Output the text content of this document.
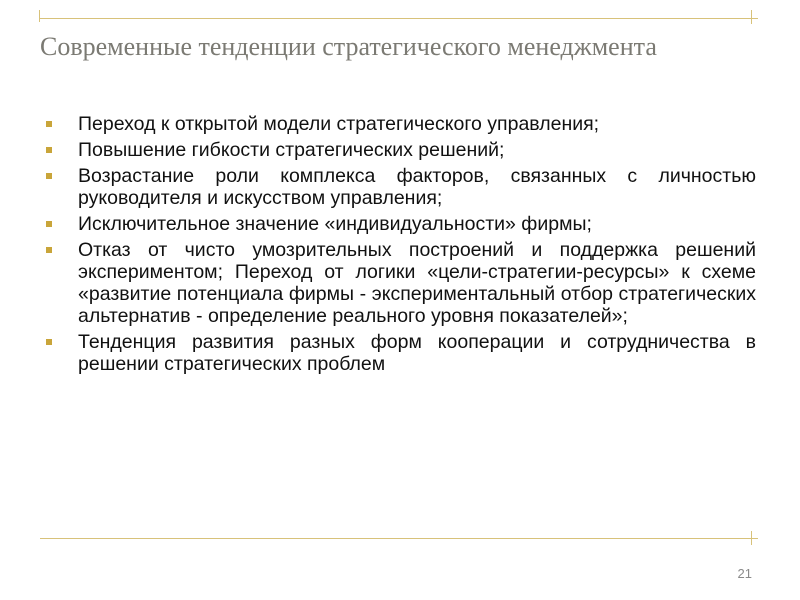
Современные тенденции стратегического менеджмента
Переход к открытой модели стратегического управления;
Повышение гибкости стратегических решений;
Возрастание роли комплекса факторов, связанных с личностью руководителя и искусством управления;
Исключительное значение «индивидуальности» фирмы;
Отказ от чисто умозрительных построений и поддержка решений экспериментом; Переход от логики «цели-стратегии-ресурсы» к схеме «развитие потенциала фирмы - экспериментальный отбор стратегических альтернатив - определение реального уровня показателей»;
Тенденция развития разных форм кооперации и сотрудничества в решении стратегических проблем
21
